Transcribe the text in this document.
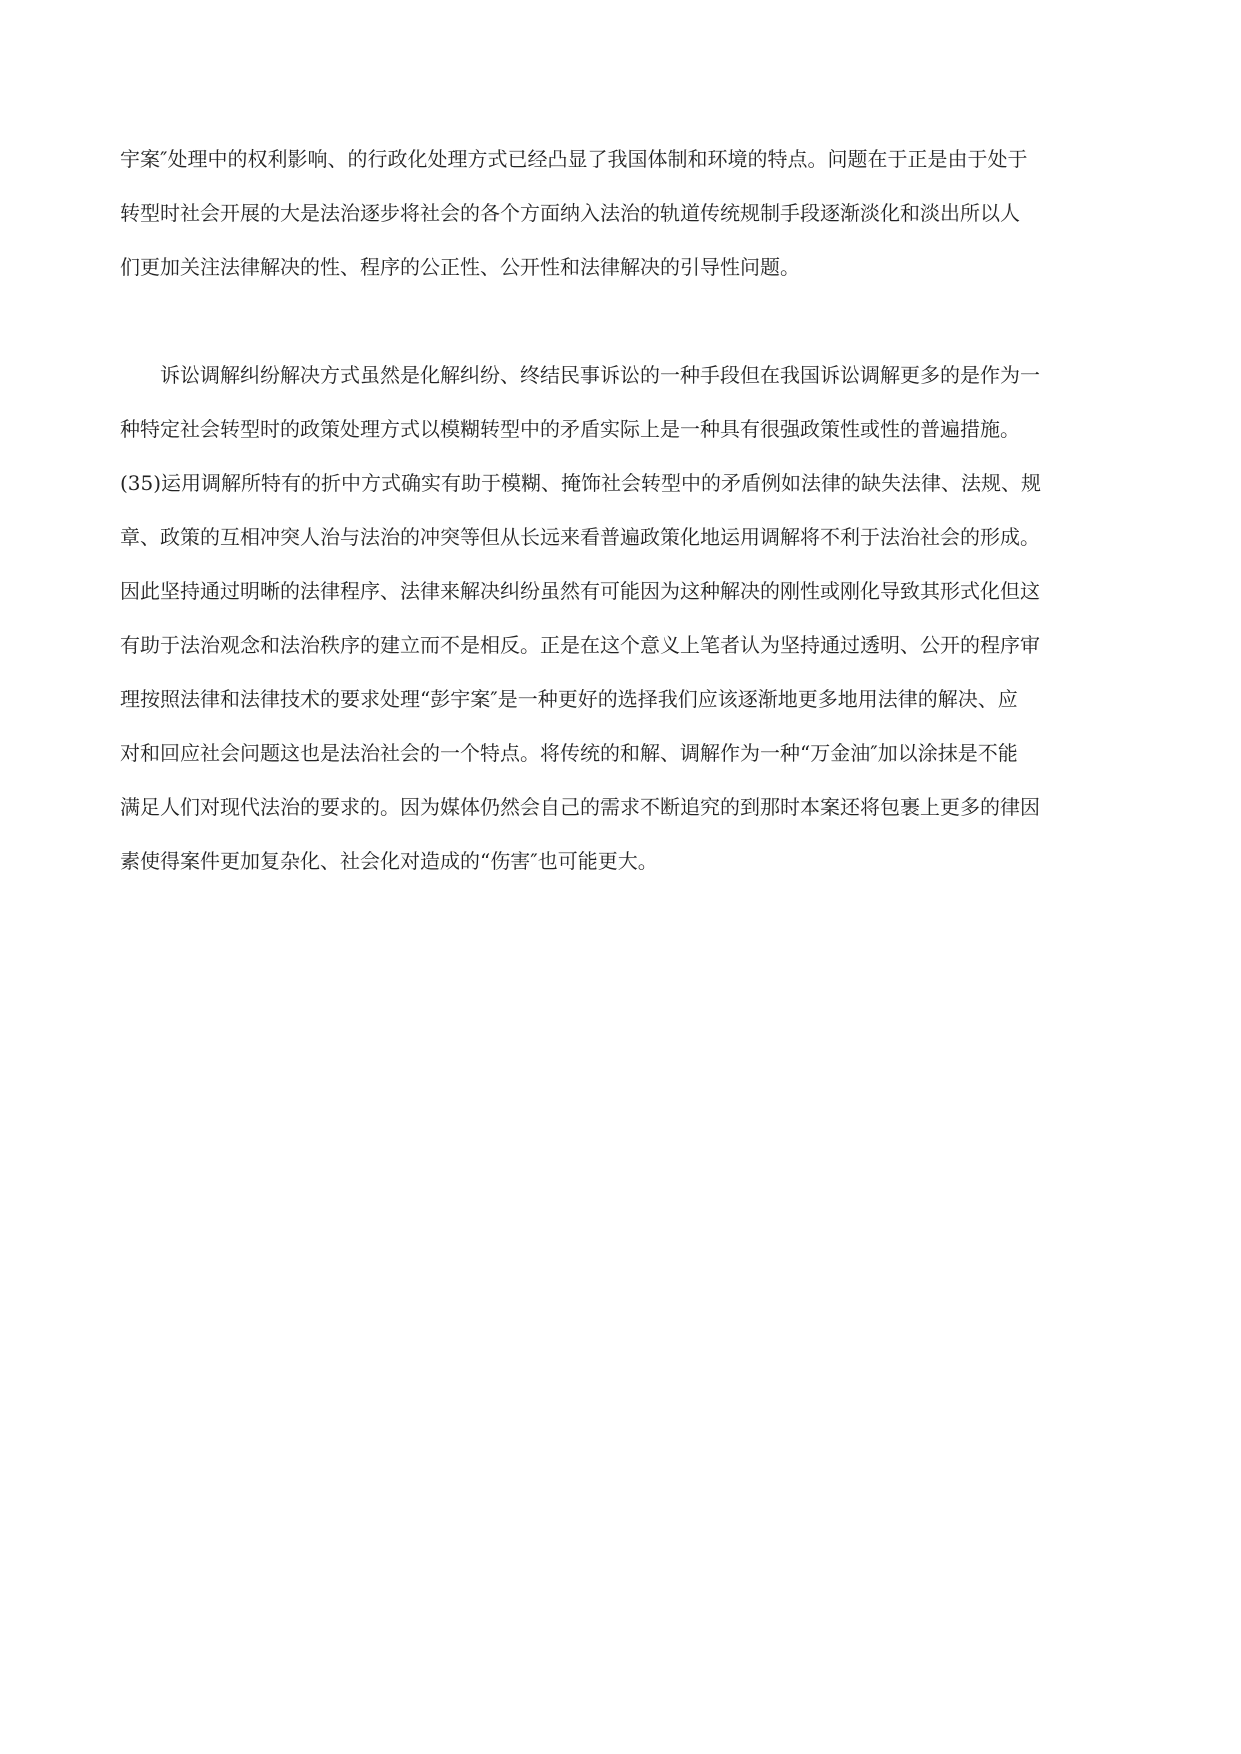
宇案″处理中的权利影响、的行政化处理方式已经凸显了我国体制和环境的特点。问题在于正是由于处于
转型时社会开展的大是法治逐步将社会的各个方面纳入法治的轨道传统规制手段逐渐淡化和淡出所以人
们更加关注法律解决的性、程序的公正性、公开性和法律解决的引导性问题。
　　诉讼调解纠纷解决方式虽然是化解纠纷、终结民事诉讼的一种手段但在我国诉讼调解更多的是作为一
种特定社会转型时的政策处理方式以模糊转型中的矛盾实际上是一种具有很强政策性或性的普遍措施。
(35)运用调解所特有的折中方式确实有助于模糊、掩饰社会转型中的矛盾例如法律的缺失法律、法规、规
章、政策的互相冲突人治与法治的冲突等但从长远来看普遍政策化地运用调解将不利于法治社会的形成。
因此坚持通过明晰的法律程序、法律来解决纠纷虽然有可能因为这种解决的刚性或刚化导致其形式化但这
有助于法治观念和法治秩序的建立而不是相反。正是在这个意义上笔者认为坚持通过透明、公开的程序审
理按照法律和法律技术的要求处理“彭宇案″是一种更好的选择我们应该逐渐地更多地用法律的解决、应
对和回应社会问题这也是法治社会的一个特点。将传统的和解、调解作为一种“万金油″加以涂抹是不能
满足人们对现代法治的要求的。因为媒体仍然会自己的需求不断追究的到那时本案还将包裹上更多的律因
素使得案件更加复杂化、社会化对造成的“伤害″也可能更大。
